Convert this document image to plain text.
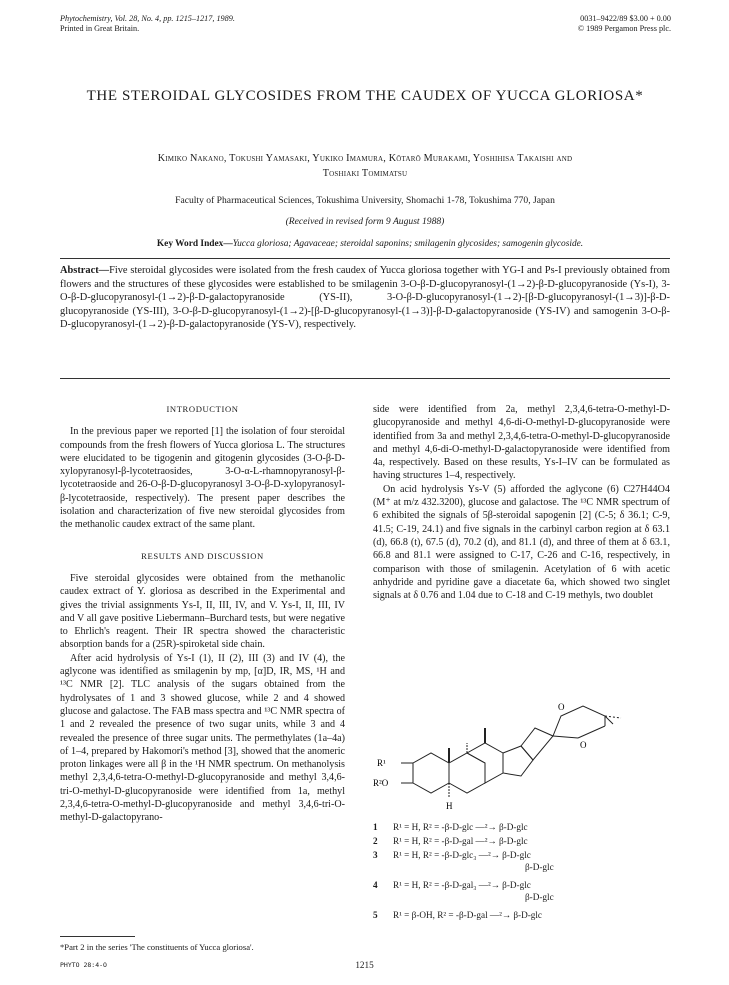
Phytochemistry, Vol. 28, No. 4, pp. 1215–1217, 1989.
Printed in Great Britain.
0031–9422/89 $3.00 + 0.00
© 1989 Pergamon Press plc.
THE STEROIDAL GLYCOSIDES FROM THE CAUDEX OF YUCCA GLORIOSA*
Kimiko Nakano, Tokushi Yamasaki, Yukiko Imamura, Kōtarō Murakami, Yoshihisa Takaishi and
Toshiaki Tomimatsu
Faculty of Pharmaceutical Sciences, Tokushima University, Shomachi 1-78, Tokushima 770, Japan
(Received in revised form 9 August 1988)
Key Word Index—Yucca gloriosa; Agavaceae; steroidal saponins; smilagenin glycosides; samogenin glycoside.
Abstract—Five steroidal glycosides were isolated from the fresh caudex of Yucca gloriosa together with YG-I and Ps-I previously obtained from flowers and the structures of these glycosides were established to be smilagenin 3-O-β-D-glucopyranosyl-(1→2)-β-D-glucopyranoside (Ys-I), 3-O-β-D-glucopyranosyl-(1→2)-β-D-galactopyranoside (YS-II), 3-O-β-D-glucopyranosyl-(1→2)-[β-D-glucopyranosyl-(1→3)]-β-D-glucopyranoside (YS-III), 3-O-β-D-glucopyranosyl-(1→2)-[β-D-glucopyranosyl-(1→3)]-β-D-galactopyranoside (YS-IV) and samogenin 3-O-β-D-glucopyranosyl-(1→2)-β-D-galactopyranoside (YS-V), respectively.
INTRODUCTION

In the previous paper we reported [1] the isolation of four steroidal compounds from the fresh flowers of Yucca gloriosa L. The structures were elucidated to be tigogenin and gitogenin glycosides (3-O-β-D-xylopyranosyl-β-lycotetraosides, 3-O-α-L-rhamnopyranosyl-β-lycotetraoside and 26-O-β-D-glucopyranosyl 3-O-β-D-xylopyranosyl-β-lycotetraoside, respectively). The present paper describes the isolation and characterization of five new steroidal glycosides from the methanolic caudex extract of the same plant.

RESULTS AND DISCUSSION

Five steroidal glycosides were obtained from the methanolic caudex extract of Y. gloriosa as described in the Experimental and gives the trivial assignments Ys-I, II, III, IV, and V. Ys-I, II, III, IV and V all gave positive Liebermann–Burchard tests, but were negative to Ehrlich's reagent. Their IR spectra showed the characteristic absorption bands for a (25R)-spiroketal side chain.

After acid hydrolysis of Ys-I (1), II (2), III (3) and IV (4), the aglycone was identified as smilagenin by mp, [α]D, IR, MS, ¹H and ¹³C NMR [2]. TLC analysis of the sugars obtained from the hydrolysates of 1 and 3 showed glucose, while 2 and 4 showed glucose and galactose. The FAB mass spectra and ¹³C NMR spectra of 1 and 2 revealed the presence of two sugar units, while 3 and 4 revealed the presence of three sugar units. The permethylates (1a–4a) of 1–4, prepared by Hakomori's method [3], showed that the anomeric proton linkages were all β in the ¹H NMR spectrum. On methanolysis methyl 2,3,4,6-tetra-O-methyl-D-glucopyranoside and methyl 3,4,6-tri-O-methyl-D-glucopyranoside were identified from 1a, methyl 2,3,4,6-tetra-O-methyl-D-glucopyranoside and methyl 3,4,6-tri-O-methyl-D-galactopyrano-

side were identified from 2a, methyl 2,3,4,6-tetra-O-methyl-D-glucopyranoside and methyl 4,6-di-O-methyl-D-glucopyranoside were identified from 3a and methyl 2,3,4,6-tetra-O-methyl-D-glucopyranoside and methyl 4,6-di-O-methyl-D-galactopyranoside were identified from 4a, respectively. Based on these results, Ys-I–IV can be formulated as having structures 1–4, respectively.

On acid hydrolysis Ys-V (5) afforded the aglycone (6) C27H44O4 (M⁺ at m/z 432.3200), glucose and galactose. The ¹³C NMR spectrum of 6 exhibited the signals of 5β-steroidal sapogenin [2] (C-5; δ 36.1; C-9, 41.5; C-19, 24.1) and five signals in the carbinyl carbon region at δ 63.1 (d), 66.8 (t), 67.5 (d), 70.2 (d), and 81.1 (d), and three of them at δ 63.1, 66.8 and 81.1 were assigned to C-17, C-26 and C-16, respectively, in comparison with those of smilagenin. Acetylation of 6 with acetic anhydride and pyridine gave a diacetate 6a, which showed two singlet signals at δ 0.76 and 1.04 due to C-18 and C-19 methyls, two doublet

R¹
R²O
O
O
H
1 R¹ = H, R² = -β-D-glc —²→ β-D-glc
2 R¹ = H, R² = -β-D-gal —²→ β-D-glc
3 R¹ = H, R² = -β-D-glc₃ —²→ β-D-glc
β-D-glc
4 R¹ = H, R² = -β-D-gal₃ —²→ β-D-glc
β-D-glc
5 R¹ = β-OH, R² = -β-D-gal —²→ β-D-glc
*Part 2 in the series 'The constituents of Yucca gloriosa'.
PHYTO 28:4-O	1215
